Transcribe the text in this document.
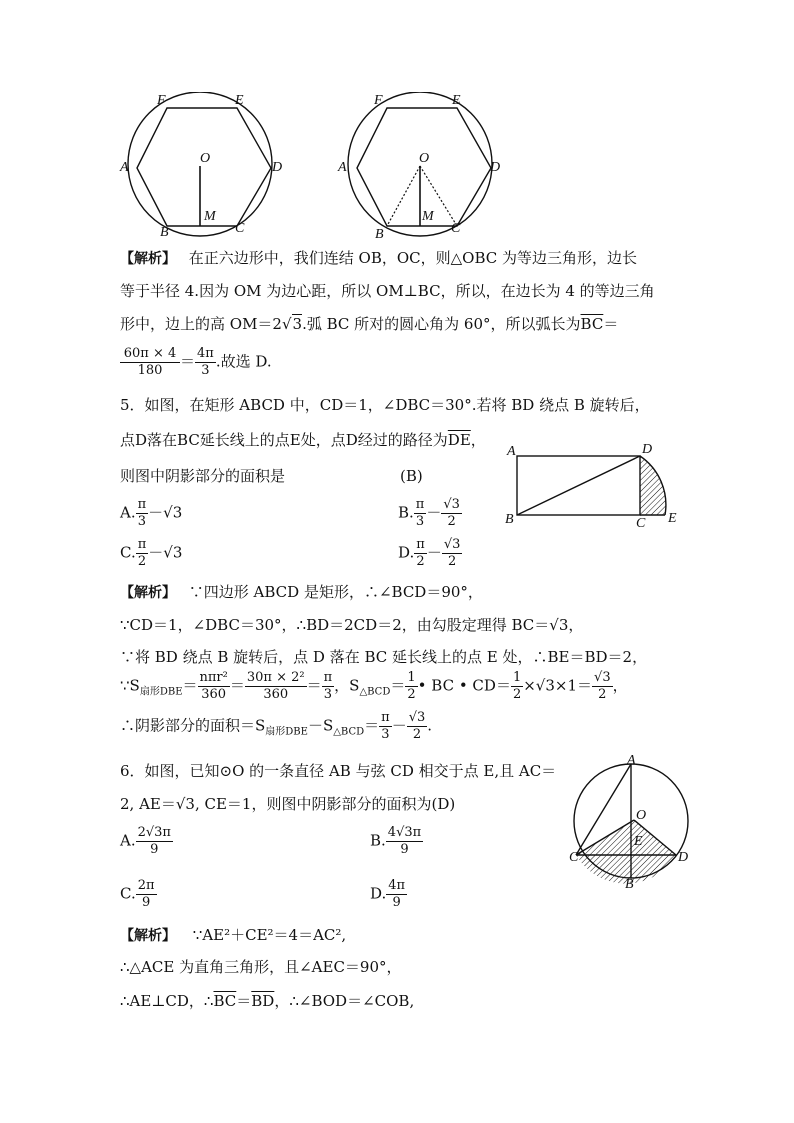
F	E
A
O
D
B
M
C
F	E
A
O
D
B
M
C
【解析】 在正六边形中，我们连结 OB，OC，则△OBC 为等边三角形，边长
等于半径 4.因为 OM 为边心距，所以 OM⊥BC，所以，在边长为 4 的等边三角
形中，边上的高 OM＝2√3.弧 BC 所对的圆心角为 60°，所以弧长为$\overline{BC}=$
$\frac{60\pi \times 4}{180} = \frac{4\pi}{3}$ .故选 D.
5．如图，在矩形 ABCD 中，CD＝1，∠DBC＝30°.若将 BD 绕点 B 旋转后，
点D落在BC延长线上的点E处，点D经过的路径为$\overline{DE}$，
则图中阴影部分的面积是	(B)
A	D
B	C E
A. $\frac{\pi}{3} -√3$	B. $\frac{\pi}{3} - \frac{√3}{2}$
C. $\frac{\pi}{2} -√3$	D. $\frac{\pi}{2} - \frac{√3}{2}$
【解析】 ∵四边形 ABCD 是矩形，∴∠BCD＝90°，
∵CD＝1，∠DBC＝30°，∴BD＝2CD＝2，由勾股定理得 BC＝√3，
∵将 BD 绕点 B 旋转后，点 D 落在 BC 延长线上的点 E 处，∴BE＝BD＝2，
$\because S_{扇形DBE}= \frac{\text{nπr²}}{360} = \frac{\text{30π × 2²}}{360} = \frac{\pi}{3}$ ，$S_{\triangle BCD}= \frac{1}{2}$ • BC • $CD= \frac{1}{2} \times√3\times 1= \frac{√3}{2}$ ，
∴阴影部分的面积$=S_{扇形DBE}-S_{\triangle BCD}= \frac{\pi}{3} - \frac{√3}{2}$ .
6．如图，已知⊙O 的一条直径 AB 与弦 CD 相交于点 E,且 AC＝
2, AE＝√3, CE＝1，则图中阴影部分的面积为(D)
A
O
E
C	D
B
A. $\frac{2√3\pi}{9}$	B. $\frac{4√3\pi}{9}$
C. $\frac{2\pi}{9}$	D. $\frac{4\pi}{9}$
【解析】 ∵AE²＋CE²＝4＝AC²,
∴△ACE 为直角三角形，且∠AEC＝90°，
∴AE⊥CD，$\therefore\overline{BC}=\overline{BD}$，∴∠BOD＝∠COB,
